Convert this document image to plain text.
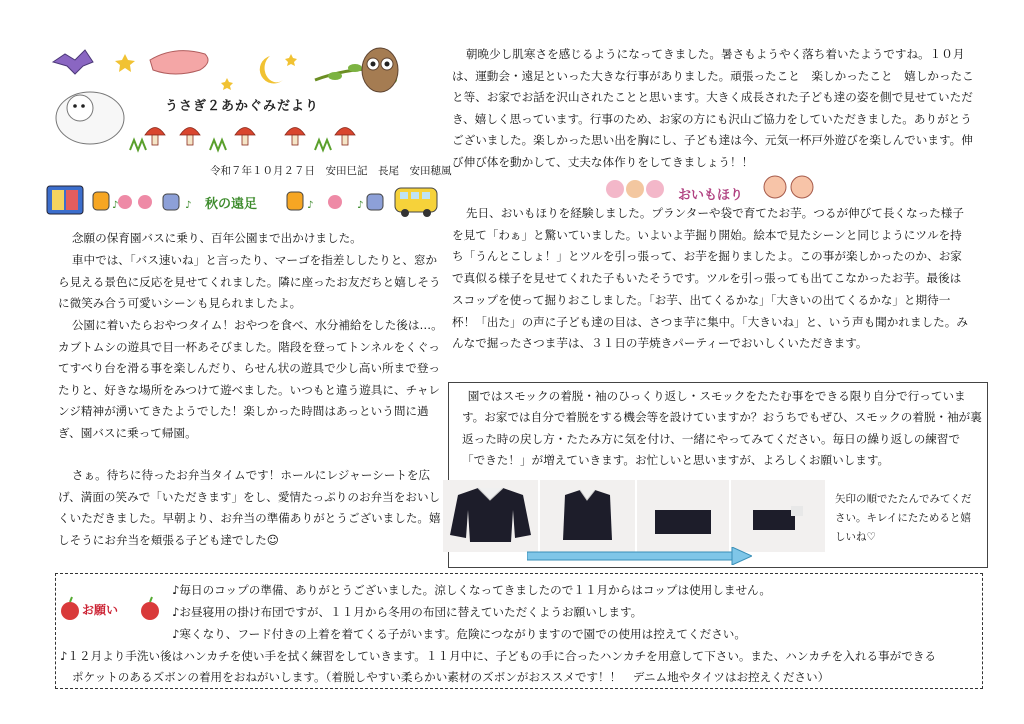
うさぎ２あかぐみだより
令和７年１０月２７日　安田巳記　長尾　安田穂風
♪	♪	♪	♪
秋の遠足

念願の保育園バスに乗り、百年公園まで出かけました。

車中では、「バス速いね」と言ったり、マーゴを指差ししたりと、窓から見える景色に反応を見せてくれました。隣に座ったお友だちと嬉しそうに微笑み合う可愛いシーンも見られましたよ。

公園に着いたらおやつタイム！おやつを食べ、水分補給をした後は…。カブトムシの遊具で目一杯あそびました。階段を登ってトンネルをくぐってすべり台を滑る事を楽しんだり、らせん状の遊具で少し高い所まで登ったりと、好きな場所をみつけて遊べました。いつもと違う遊具に、チャレンジ精神が湧いてきたようでした！楽しかった時間はあっという間に過ぎ、園バスに乗って帰園。

さぁ。待ちに待ったお弁当タイムです！ホールにレジャーシートを広げ、満面の笑みで「いただきます」をし、愛情たっぷりのお弁当をおいしくいただきました。早朝より、お弁当の準備ありがとうございました。嬉しそうにお弁当を頬張る子ども達でした☺

朝晩少し肌寒さを感じるようになってきました。暑さもようやく落ち着いたようですね。１０月は、運動会・遠足といった大きな行事がありました。頑張ったこと　楽しかったこと　嬉しかったこと等、お家でお話を沢山されたことと思います。大きく成長された子ども達の姿を側で見せていただき、嬉しく思っています。行事のため、お家の方にも沢山ご協力をしていただきました。ありがとうございました。楽しかった思い出を胸にし、子ども達は今、元気一杯戸外遊びを楽しんでいます。伸び伸び体を動かして、丈夫な体作りをしてきましょう！！

おいもほり

先日、おいもほりを経験しました。プランターや袋で育てたお芋。つるが伸びて長くなった様子を見て「わぁ」と驚いていました。いよいよ芋掘り開始。絵本で見たシーンと同じようにツルを持ち「うんとこしょ！」とツルを引っ張って、お芋を掘りましたよ。この事が楽しかったのか、お家で真似る様子を見せてくれた子もいたそうです。ツルを引っ張っても出てこなかったお芋。最後はスコップを使って掘りおこしました。「お芋、出てくるかな」「大きいの出てくるかな」と期待一杯！「出た」の声に子ども達の目は、さつま芋に集中。「大きいね」と、いう声も聞かれました。みんなで掘ったさつま芋は、３１日の芋焼きパーティーでおいしくいただきます。

園ではスモックの着脱・袖のひっくり返し・スモックをたたむ事をできる限り自分で行っています。お家では自分で着脱をする機会等を設けていますか？おうちでもぜひ、スモックの着脱・袖が裏返った時の戻し方・たたみ方に気を付け、一緒にやってみてください。毎日の繰り返しの練習で「できた！」が増えていきます。お忙しいと思いますが、よろしくお願いします。

矢印の順でたたんでみてください。キレイにたためると嬉しいね♡

お願い

♪毎日のコップの準備、ありがとうございました。涼しくなってきましたので１１月からはコップは使用しません。

♪お昼寝用の掛け布団ですが、１１月から冬用の布団に替えていただくようお願いします。

♪寒くなり、フード付きの上着を着てくる子がいます。危険につながりますので園での使用は控えてください。

♪１２月より手洗い後はハンカチを使い手を拭く練習をしていきます。１１月中に、子どもの手に合ったハンカチを用意して下さい。また、ハンカチを入れる事ができる

ポケットのあるズボンの着用をおねがいします。（着脱しやすい柔らかい素材のズボンがおススメです！！　デニム地やタイツはお控えください）
